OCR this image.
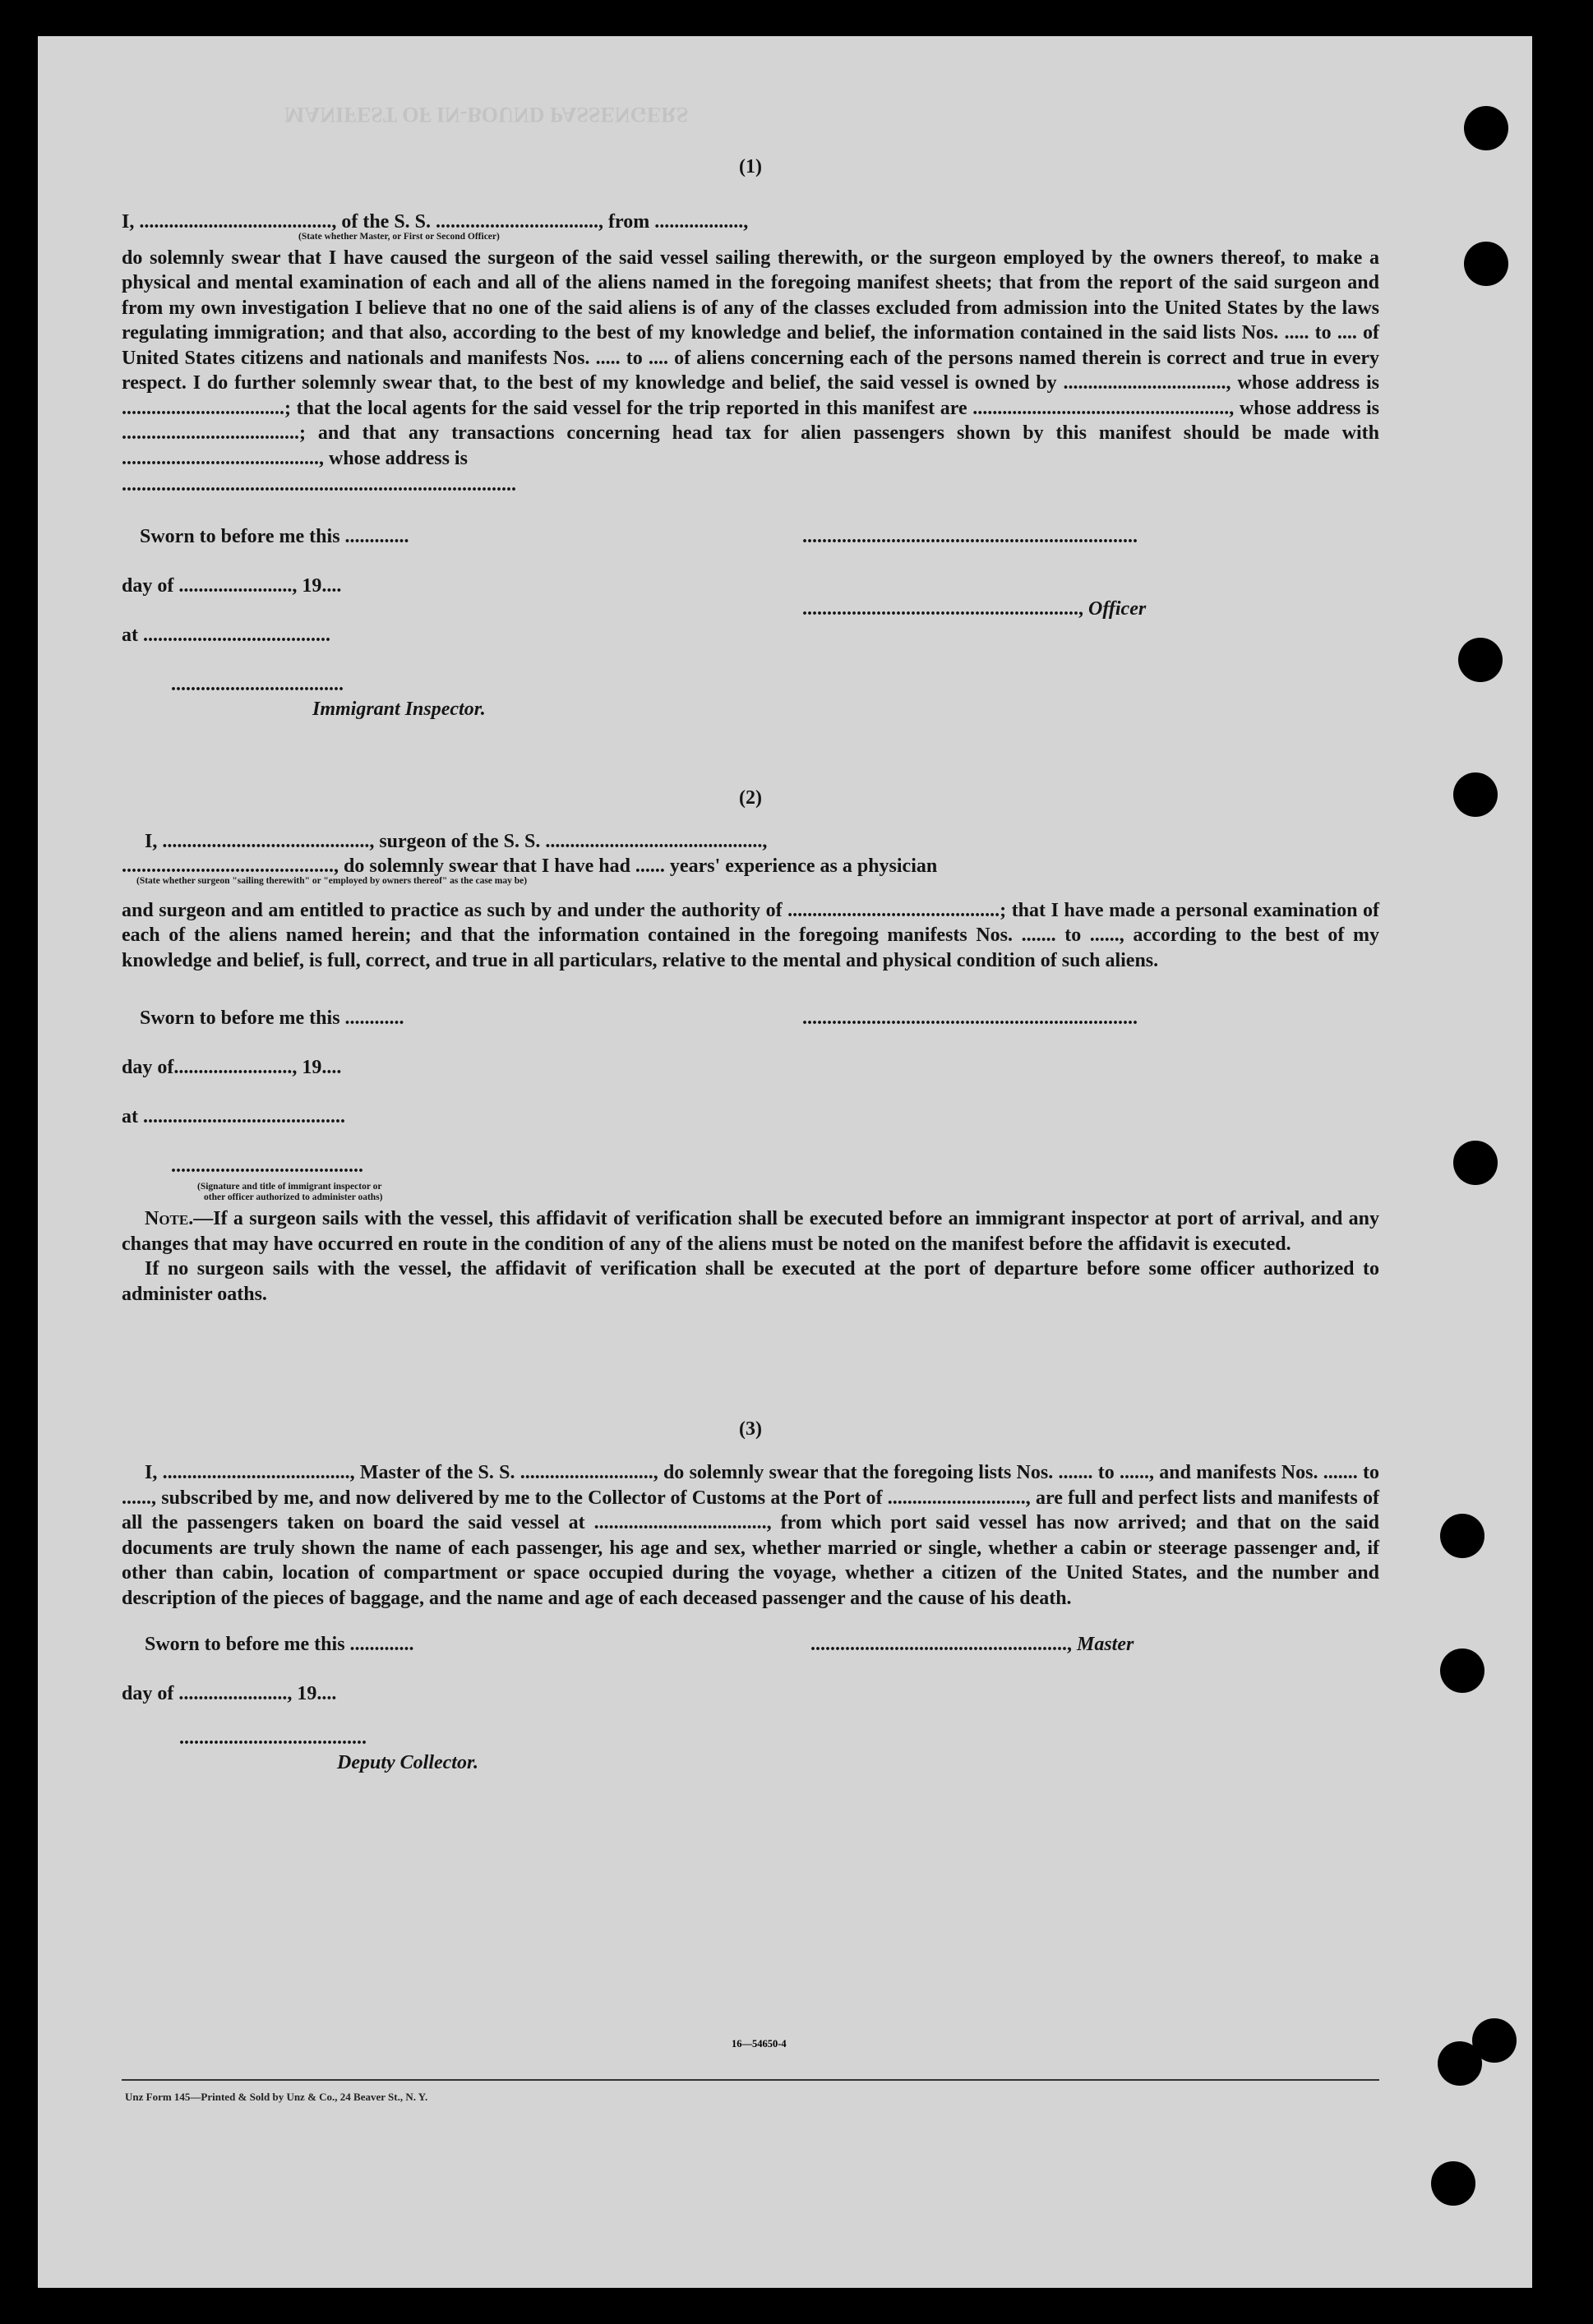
MANIFEST OF IN-BOUND PASSENGERS
(1)
I, ......................................., of the S. S. ................................., from ..................,
(State whether Master, or First or Second Officer)

do solemnly swear that I have caused the surgeon of the said vessel sailing therewith, or the surgeon employed by the owners thereof, to make a physical and mental examination of each and all of the aliens named in the foregoing manifest sheets; that from the report of the said surgeon and from my own investigation I believe that no one of the said aliens is of any of the classes excluded from admission into the United States by the laws regulating immigration; and that also, according to the best of my knowledge and belief, the information contained in the said lists Nos. ..... to .... of United States citizens and nationals and manifests Nos. ..... to .... of aliens concerning each of the persons named therein is correct and true in every respect. I do further solemnly swear that, to the best of my knowledge and belief, the said vessel is owned by ................................., whose address is .................................; that the local agents for the said vessel for the trip reported in this manifest are ...................................................., whose address is ....................................; and that any transactions concerning head tax for alien passengers shown by this manifest should be made with ........................................, whose address is

................................................................................

Sworn to before me this .............	....................................................................
day of ......................., 19....
........................................................, Officer
at ......................................
...................................
Immigrant Inspector.
(2)
I, .........................................., surgeon of the S. S. ............................................,
..........................................., do solemnly swear that I have had ...... years' experience as a physician
(State whether surgeon "sailing therewith" or "employed by owners thereof" as the case may be)

and surgeon and am entitled to practice as such by and under the authority of ...........................................; that I have made a personal examination of each of the aliens named herein; and that the information contained in the foregoing manifests Nos. ....... to ......, according to the best of my knowledge and belief, is full, correct, and true in all particulars, relative to the mental and physical condition of such aliens.

Sworn to before me this ............	....................................................................
day of........................, 19....
at .........................................
.......................................
(Signature and title of immigrant inspector or
other officer authorized to administer oaths)

Note.—If a surgeon sails with the vessel, this affidavit of verification shall be executed before an immigrant inspector at port of arrival, and any changes that may have occurred en route in the condition of any of the aliens must be noted on the manifest before the affidavit is executed.

If no surgeon sails with the vessel, the affidavit of verification shall be executed at the port of departure before some officer authorized to administer oaths.

(3)

I, ......................................, Master of the S. S. ..........................., do solemnly swear that the foregoing lists Nos. ....... to ......, and manifests Nos. ....... to ......, subscribed by me, and now delivered by me to the Collector of Customs at the Port of ............................, are full and perfect lists and manifests of all the passengers taken on board the said vessel at ..................................., from which port said vessel has now arrived; and that on the said documents are truly shown the name of each passenger, his age and sex, whether married or single, whether a cabin or steerage passenger and, if other than cabin, location of compartment or space occupied during the voyage, whether a citizen of the United States, and the number and description of the pieces of baggage, and the name and age of each deceased passenger and the cause of his death.

Sworn to before me this .............	...................................................., Master
day of ......................, 19....
......................................
Deputy Collector.
16—54650-4
Unz Form 145—Printed & Sold by Unz & Co., 24 Beaver St., N. Y.
